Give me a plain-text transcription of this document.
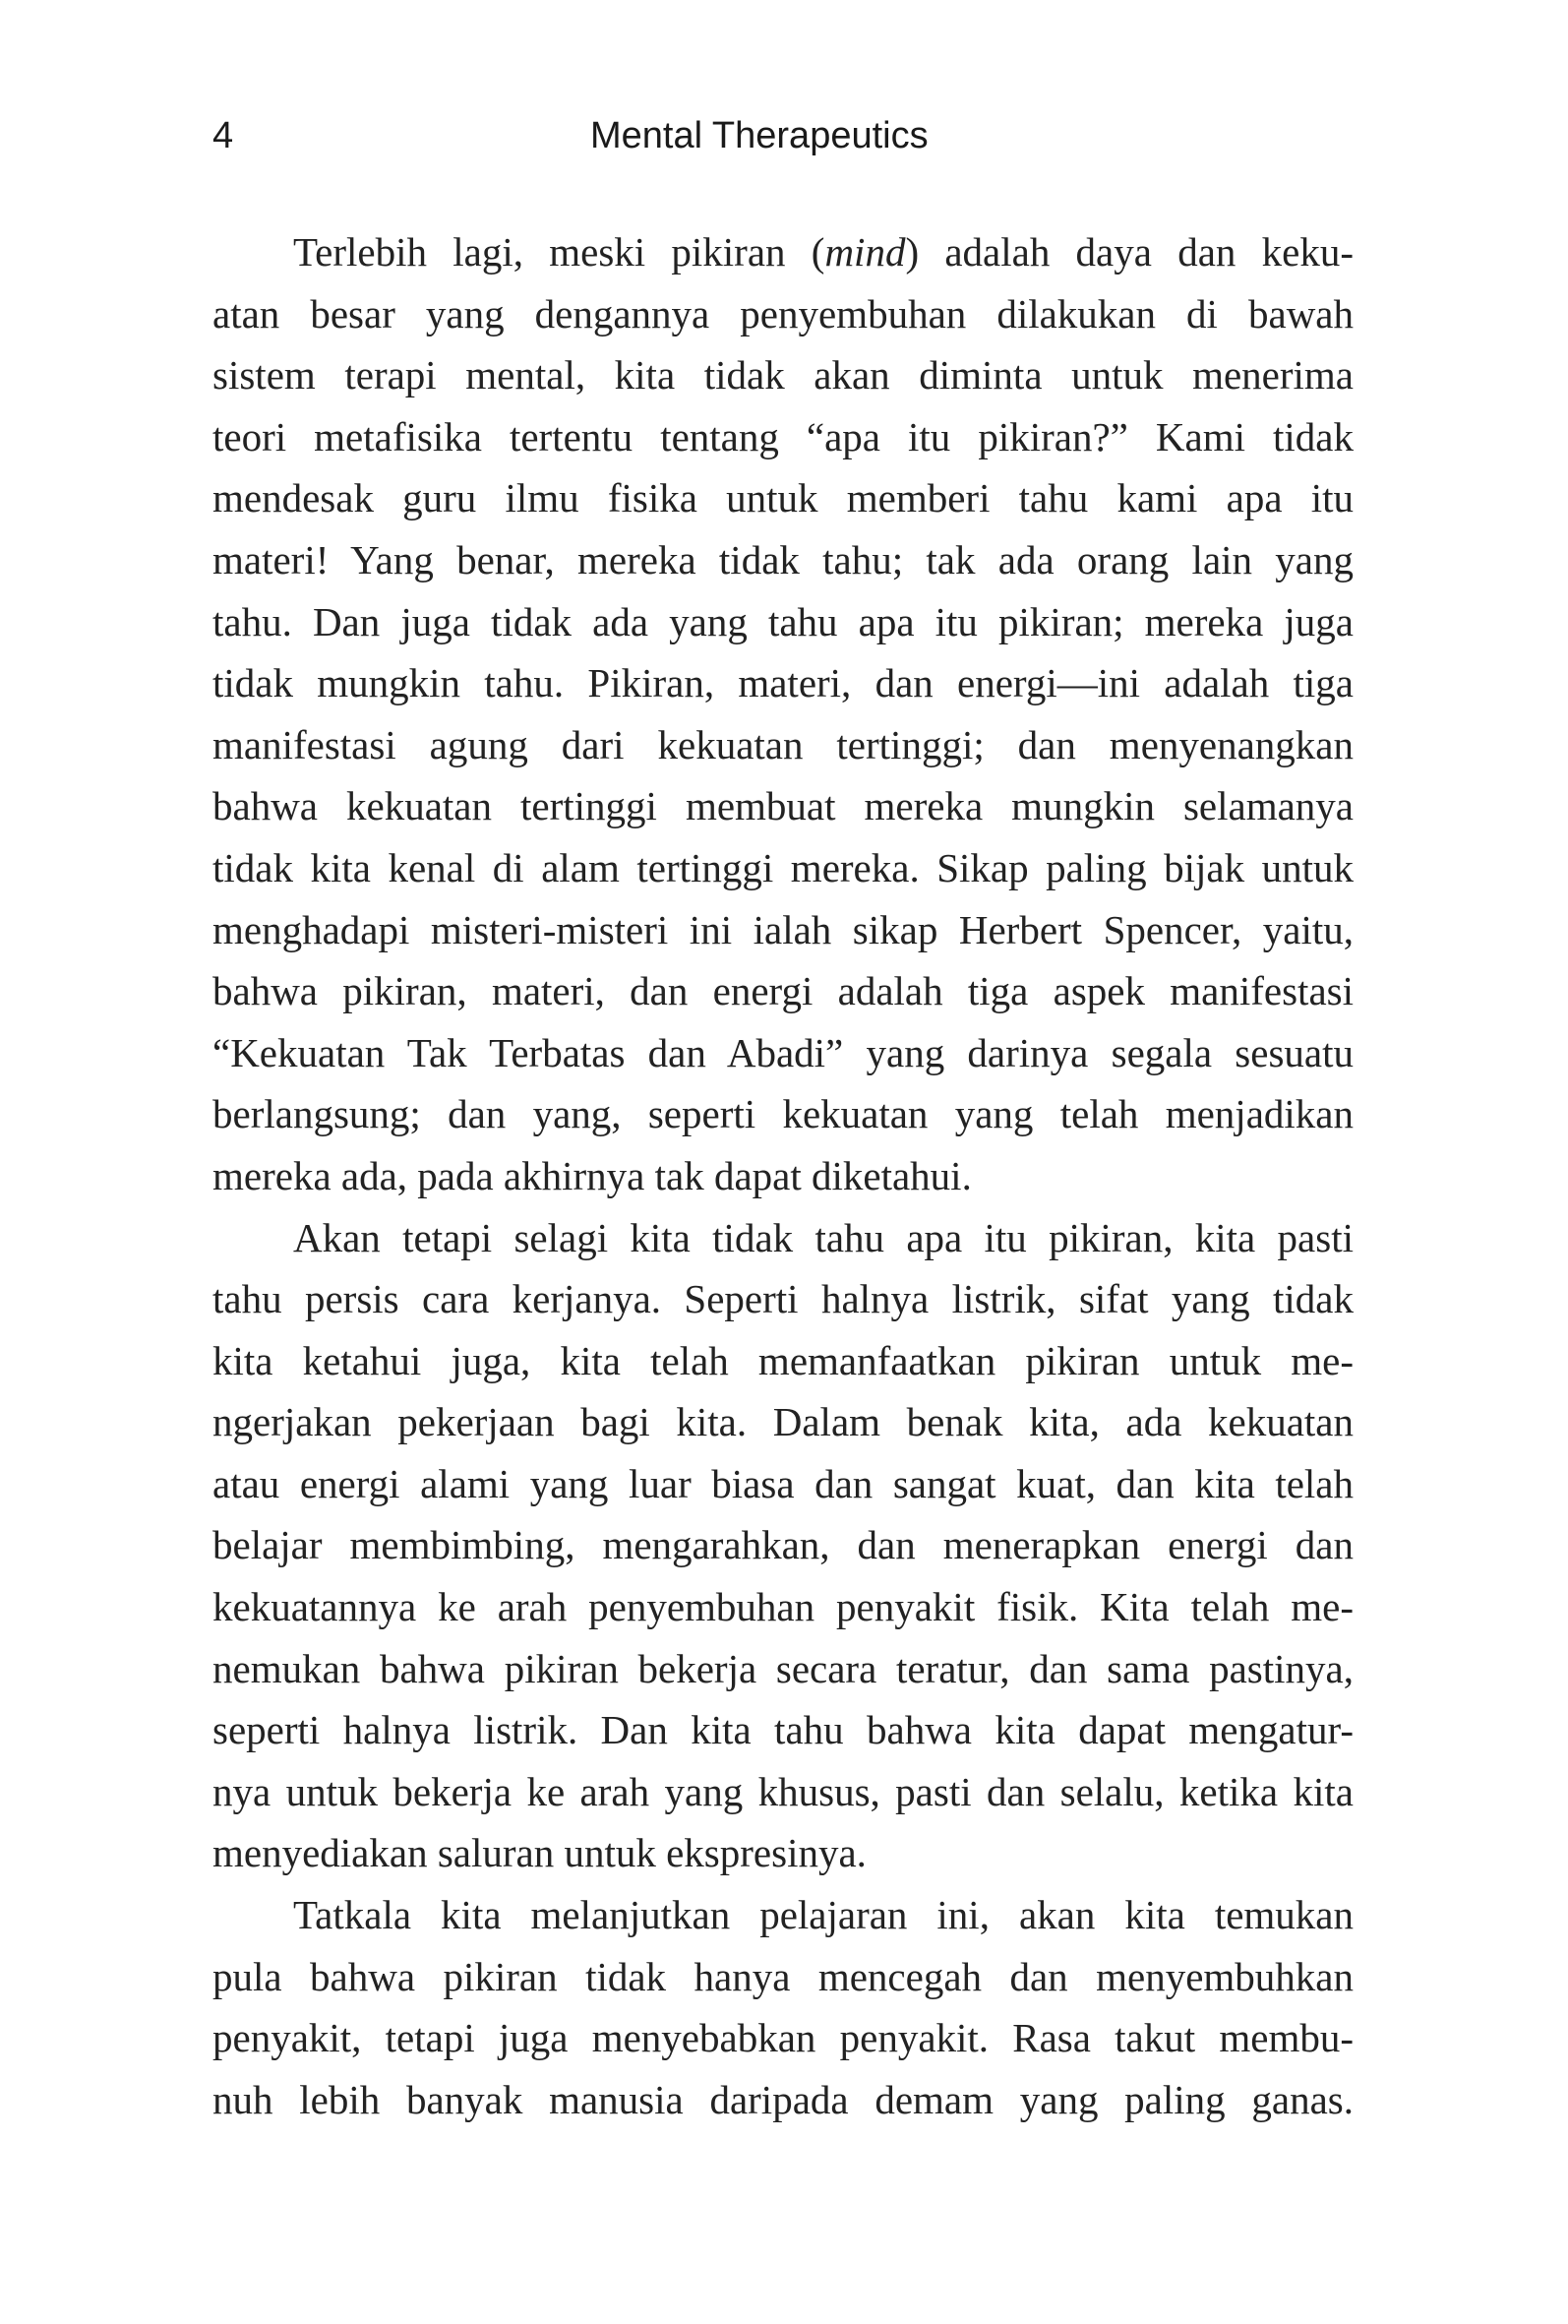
4	Mental Therapeutics
Terlebih lagi, meski pikiran (mind) adalah daya dan keku-
atan besar yang dengannya penyembuhan dilakukan di bawah
sistem terapi mental, kita tidak akan diminta untuk menerima
teori metafisika tertentu tentang “apa itu pikiran?” Kami tidak
mendesak guru ilmu fisika untuk memberi tahu kami apa itu
materi! Yang benar, mereka tidak tahu; tak ada orang lain yang
tahu. Dan juga tidak ada yang tahu apa itu pikiran; mereka juga
tidak mungkin tahu. Pikiran, materi, dan energi—ini adalah tiga
manifestasi agung dari kekuatan tertinggi; dan menyenangkan
bahwa kekuatan tertinggi membuat mereka mungkin selamanya
tidak kita kenal di alam tertinggi mereka. Sikap paling bijak untuk
menghadapi misteri-misteri ini ialah sikap Herbert Spencer, yaitu,
bahwa pikiran, materi, dan energi adalah tiga aspek manifestasi
“Kekuatan Tak Terbatas dan Abadi” yang darinya segala sesuatu
berlangsung; dan yang, seperti kekuatan yang telah menjadikan
mereka ada, pada akhirnya tak dapat diketahui.
Akan tetapi selagi kita tidak tahu apa itu pikiran, kita pasti
tahu persis cara kerjanya. Seperti halnya listrik, sifat yang tidak
kita ketahui juga, kita telah memanfaatkan pikiran untuk me-
ngerjakan pekerjaan bagi kita. Dalam benak kita, ada kekuatan
atau energi alami yang luar biasa dan sangat kuat, dan kita telah
belajar membimbing, mengarahkan, dan menerapkan energi dan
kekuatannya ke arah penyembuhan penyakit fisik. Kita telah me-
nemukan bahwa pikiran bekerja secara teratur, dan sama pastinya,
seperti halnya listrik. Dan kita tahu bahwa kita dapat mengatur-
nya untuk bekerja ke arah yang khusus, pasti dan selalu, ketika kita
menyediakan saluran untuk ekspresinya.
Tatkala kita melanjutkan pelajaran ini, akan kita temukan
pula bahwa pikiran tidak hanya mencegah dan menyembuhkan
penyakit, tetapi juga menyebabkan penyakit. Rasa takut membu-
nuh lebih banyak manusia daripada demam yang paling ganas.
